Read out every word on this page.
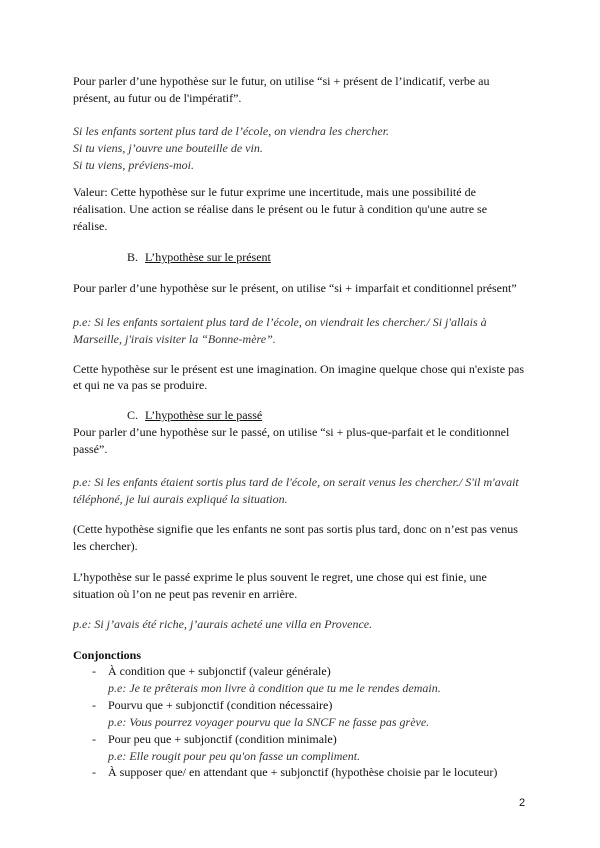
Pour parler d’une hypothèse sur le futur, on utilise “si + présent de l’indicatif, verbe au
présent, au futur ou de l'impératif”.
Si les enfants sortent plus tard de l’école, on viendra les chercher.
Si tu viens, j’ouvre une bouteille de vin.
Si tu viens, préviens-moi.
Valeur: Cette hypothèse sur le futur exprime une incertitude, mais une possibilité de
réalisation. Une action se réalise dans le présent ou le futur à condition qu'une autre se
réalise.
B. L’hypothèse sur le présent
Pour parler d’une hypothèse sur le présent, on utilise “si + imparfait et conditionnel présent”
p.e: Si les enfants sortaient plus tard de l’école, on viendrait les chercher./ Si j'allais à
Marseille, j'irais visiter la “Bonne-mère”.
Cette hypothèse sur le présent est une imagination. On imagine quelque chose qui n'existe pas
et qui ne va pas se produire.
C. L’hypothèse sur le passé
Pour parler d’une hypothèse sur le passé, on utilise “si + plus-que-parfait et le conditionnel
passé”.
p.e: Si les enfants étaient sortis plus tard de l'école, on serait venus les chercher./ S'il m'avait
téléphoné, je lui aurais expliqué la situation.
(Cette hypothèse signifie que les enfants ne sont pas sortis plus tard, donc on n’est pas venus
les chercher).
L’hypothèse sur le passé exprime le plus souvent le regret, une chose qui est finie, une
situation où l’on ne peut pas revenir en arrière.
p.e: Si j’avais été riche, j’aurais acheté une villa en Provence.
Conjonctions
- À condition que + subjonctif (valeur générale)
p.e: Je te prêterais mon livre à condition que tu me le rendes demain.
- Pourvu que + subjonctif (condition nécessaire)
p.e: Vous pourrez voyager pourvu que la SNCF ne fasse pas grève.
- Pour peu que + subjonctif (condition minimale)
p.e: Elle rougit pour peu qu'on fasse un compliment.
- À supposer que/ en attendant que + subjonctif (hypothèse choisie par le locuteur)
2
